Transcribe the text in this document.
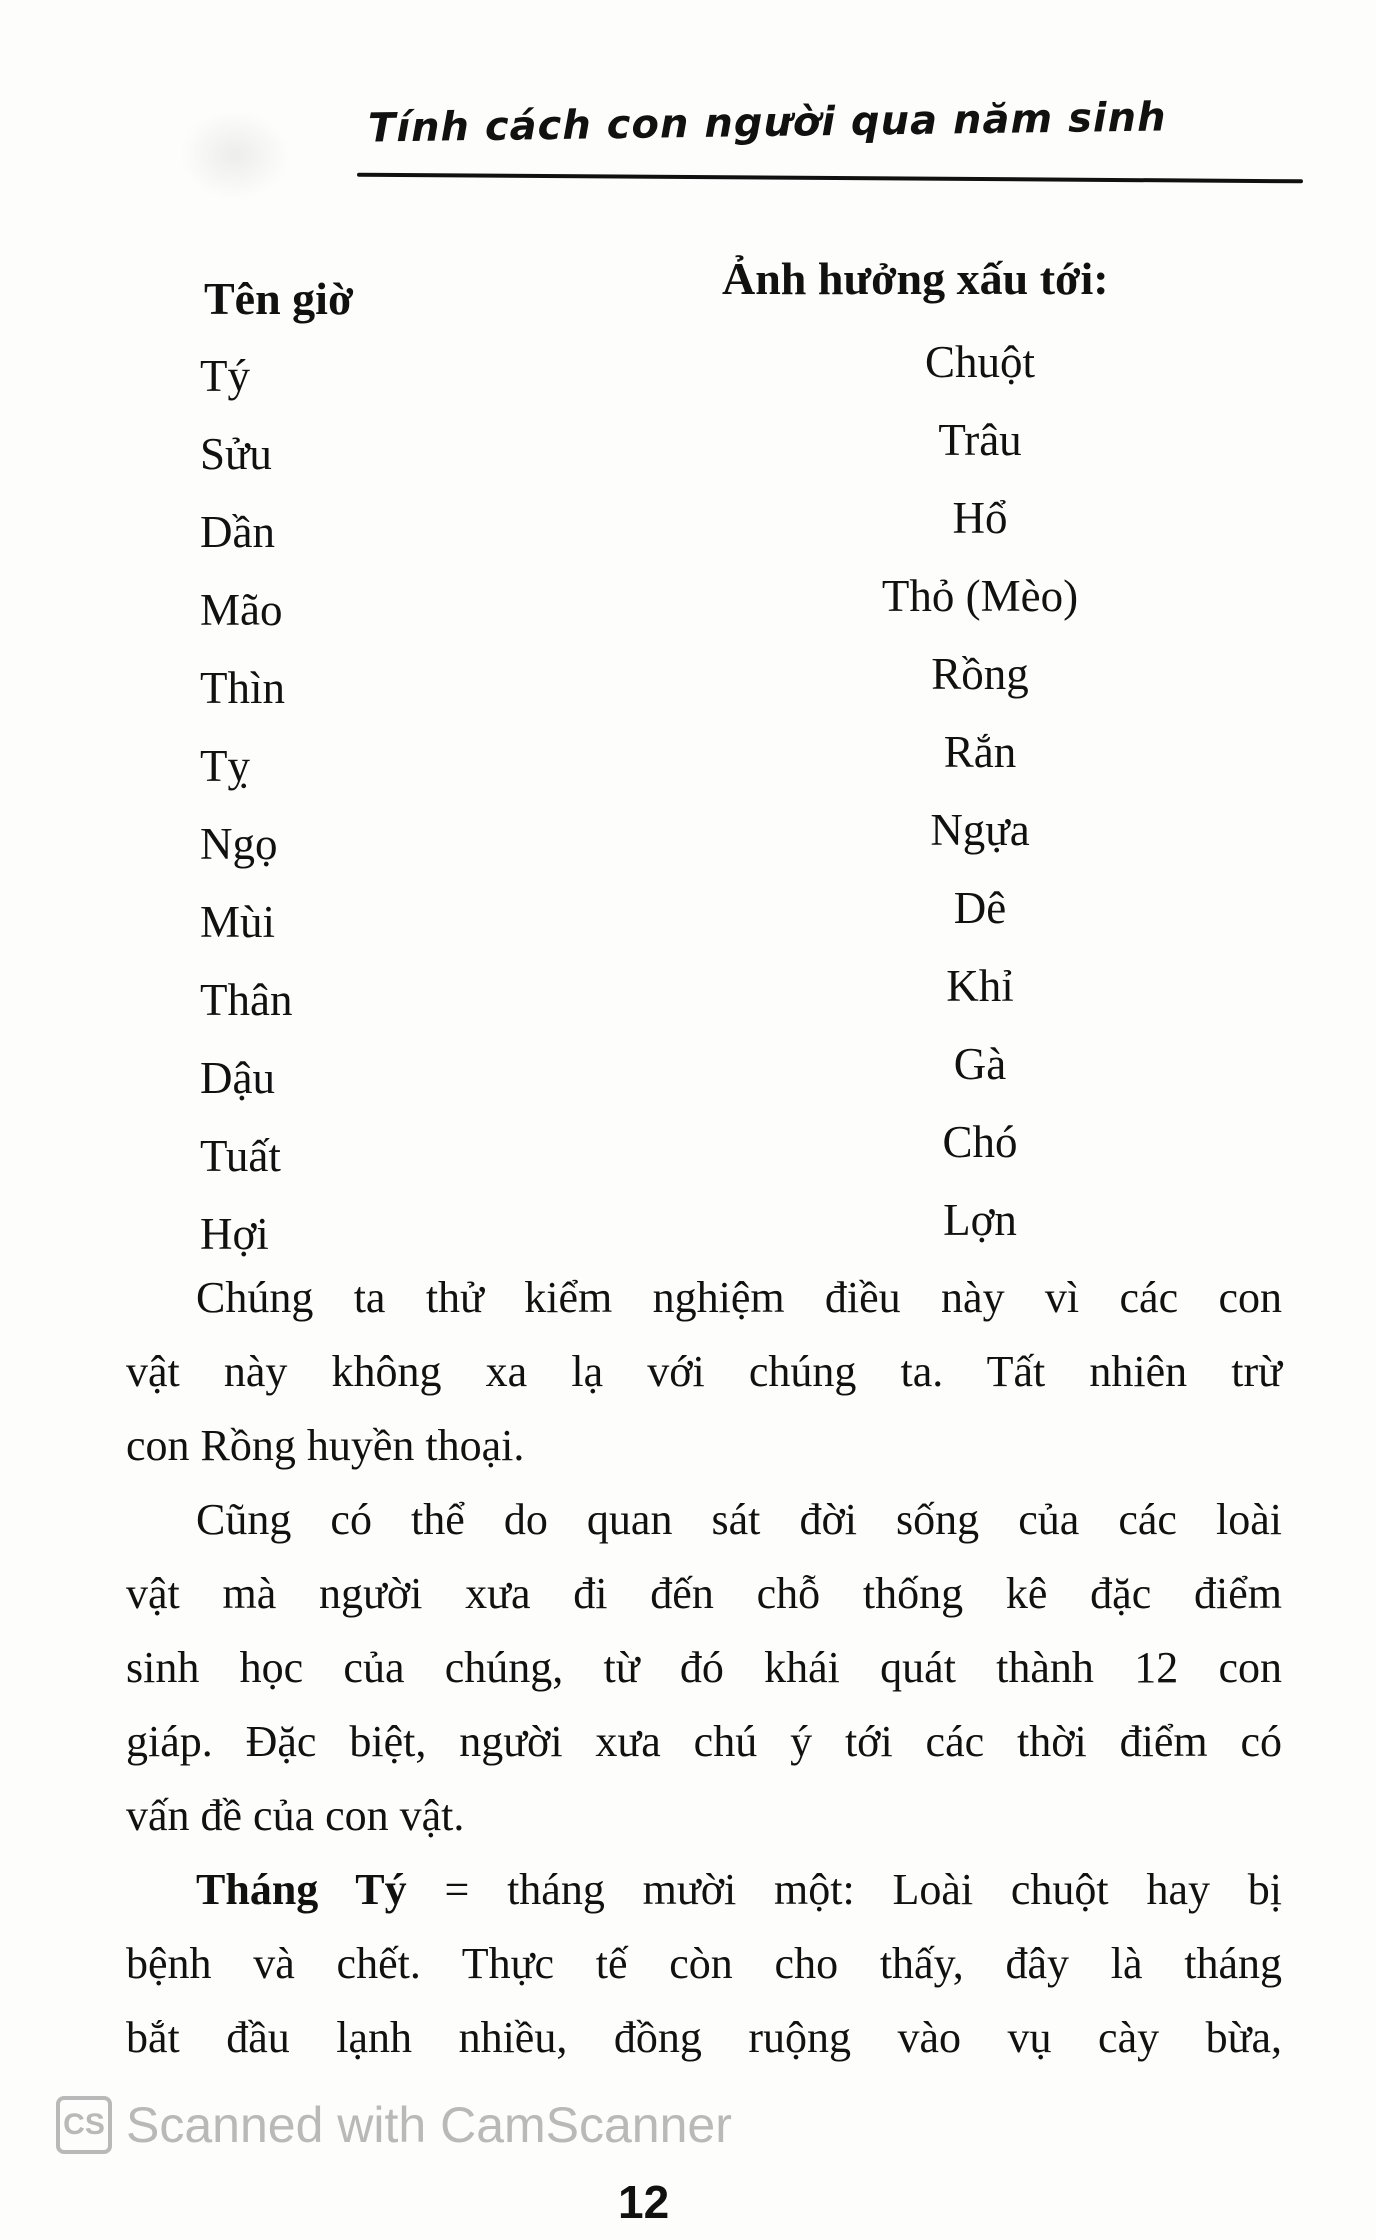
Tính cách con người qua năm sinh
Tên giờ	Ảnh hưởng xấu tới:
Tý	Chuột
Sửu	Trâu
Dần	Hổ
Mão	Thỏ (Mèo)
Thìn	Rồng
Tỵ	Rắn
Ngọ	Ngựa
Mùi	Dê
Thân	Khỉ
Dậu	Gà
Tuất	Chó
Hợi	Lợn
Chúng ta thử kiểm nghiệm điều này vì các con
vật này không xa lạ với chúng ta. Tất nhiên trừ
con Rồng huyền thoại.
Cũng có thể do quan sát đời sống của các loài
vật mà người xưa đi đến chỗ thống kê đặc điểm
sinh học của chúng, từ đó khái quát thành 12 con
giáp. Đặc biệt, người xưa chú ý tới các thời điểm có
vấn đề của con vật.
Tháng Tý = tháng mười một: Loài chuột hay bị
bệnh và chết. Thực tế còn cho thấy, đây là tháng
bắt đầu lạnh nhiều, đồng ruộng vào vụ cày bừa,
CS Scanned with CamScanner
12
